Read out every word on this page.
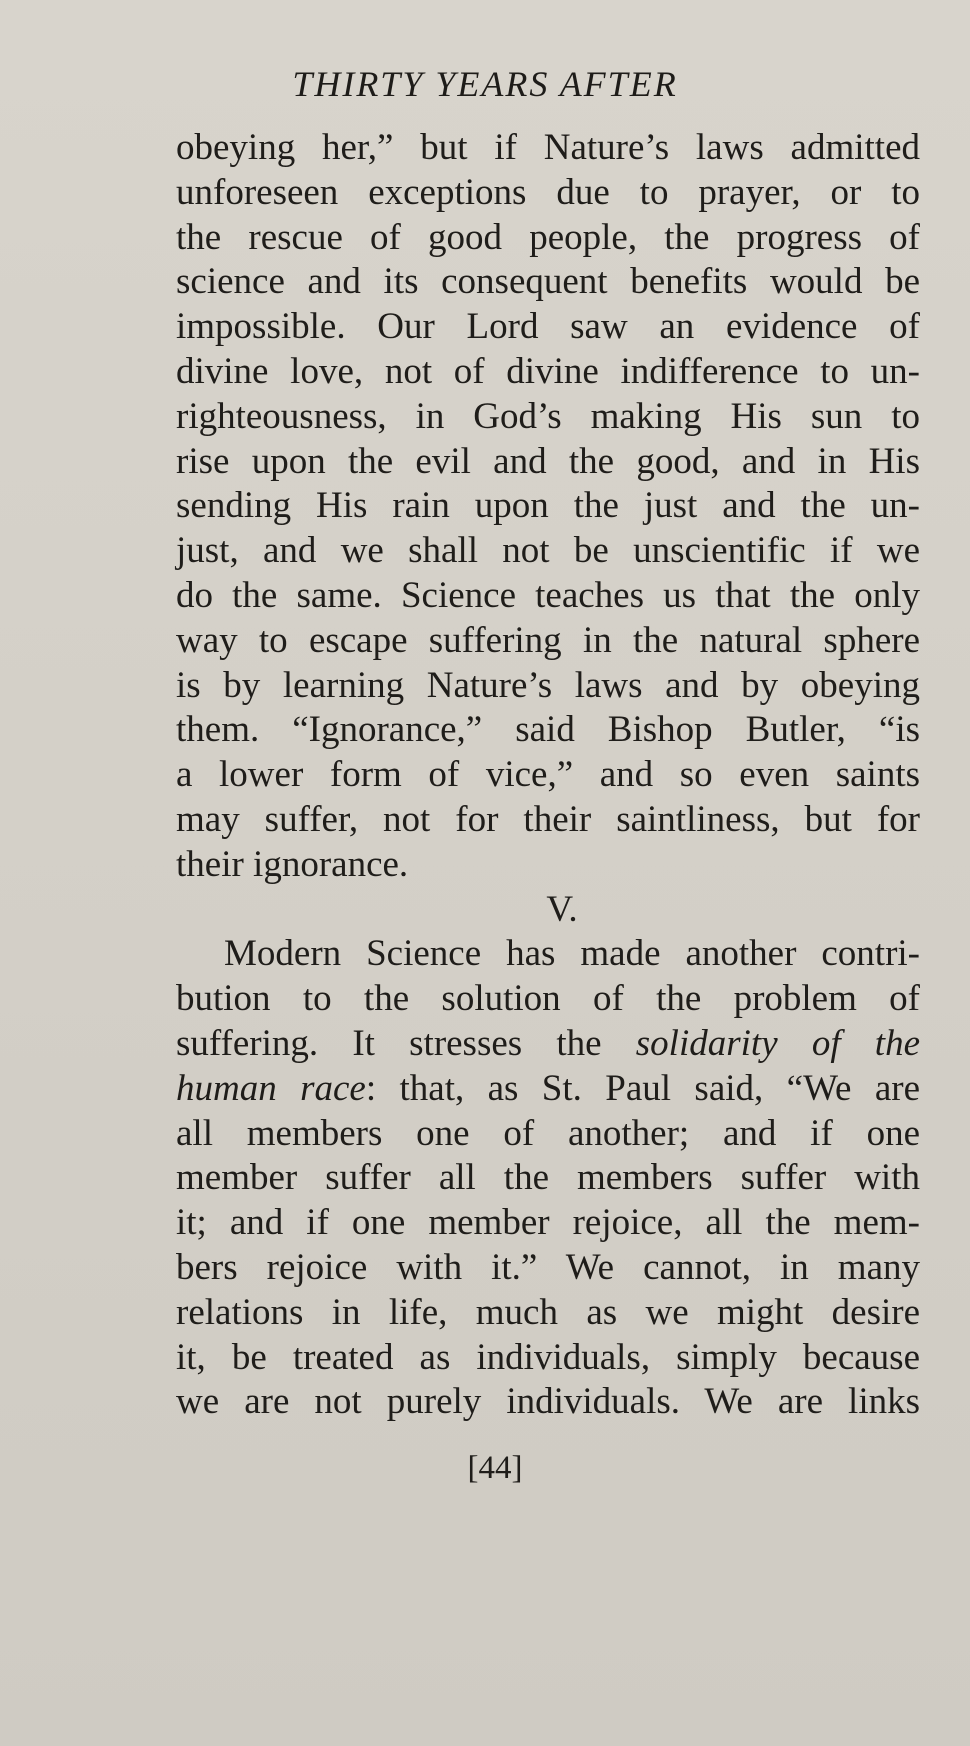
THIRTY YEARS AFTER
obeying her,” but if Nature’s laws admitted
unforeseen exceptions due to prayer, or to
the rescue of good people, the progress of
science and its consequent benefits would be
impossible. Our Lord saw an evidence of
divine love, not of divine indifference to un-
righteousness, in God’s making His sun to
rise upon the evil and the good, and in His
sending His rain upon the just and the un-
just, and we shall not be unscientific if we
do the same. Science teaches us that the only
way to escape suffering in the natural sphere
is by learning Nature’s laws and by obeying
them. “Ignorance,” said Bishop Butler, “is
a lower form of vice,” and so even saints
may suffer, not for their saintliness, but for
their ignorance.
V.
Modern Science has made another contri-
bution to the solution of the problem of
suffering. It stresses the solidarity of the
human race: that, as St. Paul said, “We are
all members one of another; and if one
member suffer all the members suffer with
it; and if one member rejoice, all the mem-
bers rejoice with it.” We cannot, in many
relations in life, much as we might desire
it, be treated as individuals, simply because
we are not purely individuals. We are links
[44]
